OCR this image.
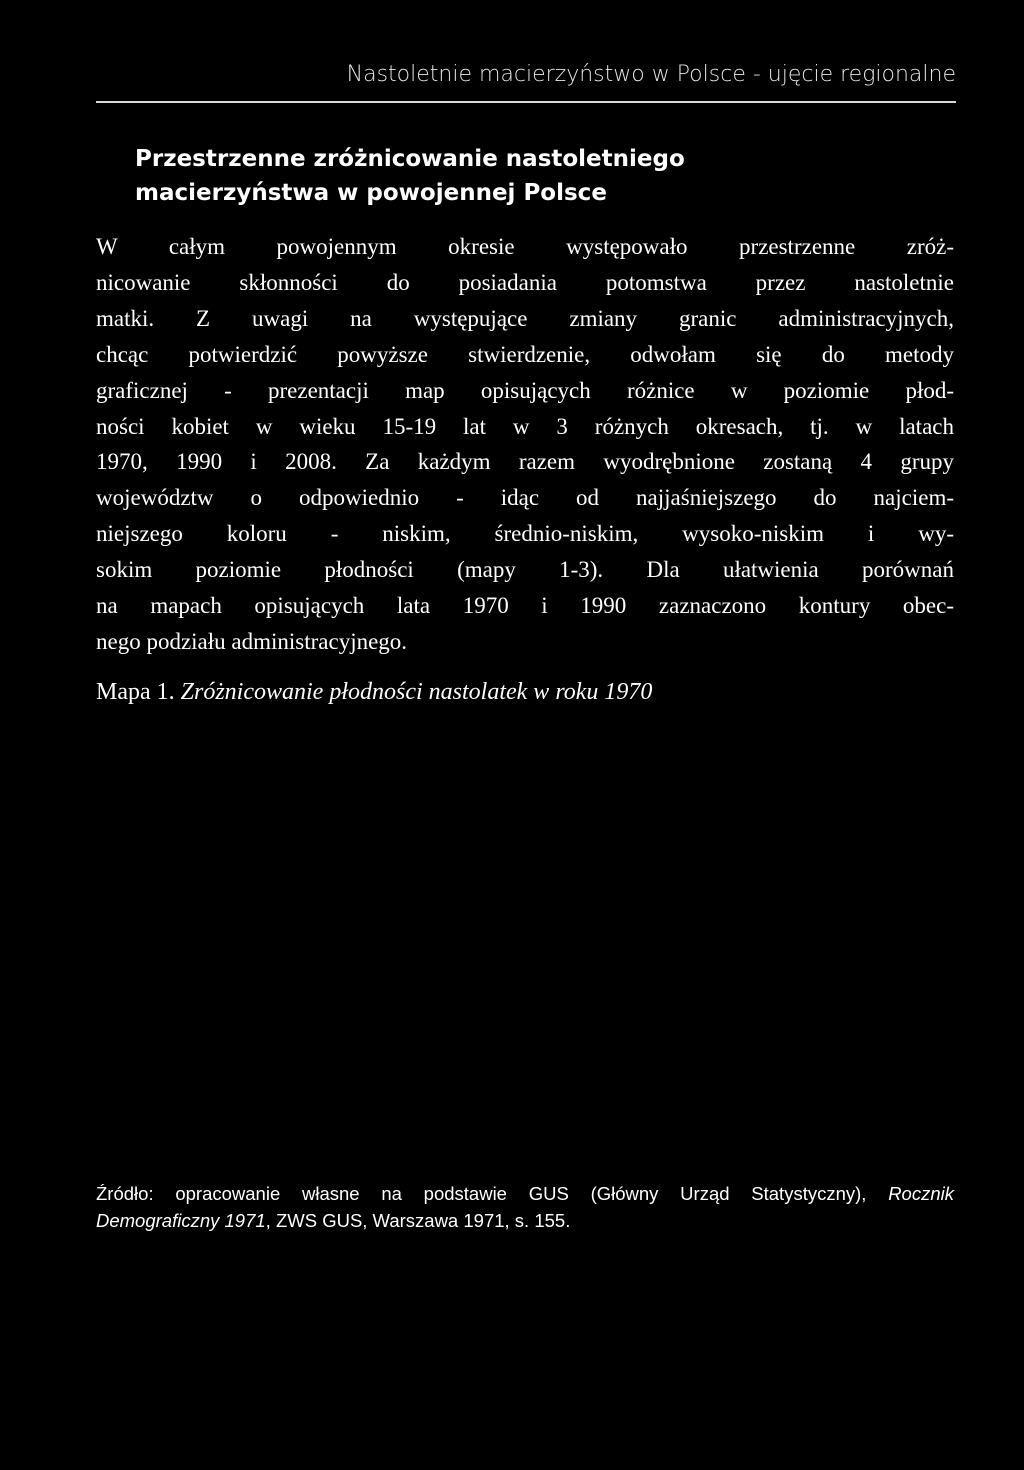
Nastoletnie macierzyństwo w Polsce - ujęcie regionalne
Przestrzenne zróżnicowanie nastoletniego
macierzyństwa w powojennej Polsce
W całym powojennym okresie występowało przestrzenne zróż-
nicowanie skłonności do posiadania potomstwa przez nastoletnie
matki. Z uwagi na występujące zmiany granic administracyjnych,
chcąc potwierdzić powyższe stwierdzenie, odwołam się do metody
graficznej - prezentacji map opisujących różnice w poziomie płod-
ności kobiet w wieku 15-19 lat w 3 różnych okresach, tj. w latach
1970, 1990 i 2008. Za każdym razem wyodrębnione zostaną 4 grupy
województw o odpowiednio - idąc od najjaśniejszego do najciem-
niejszego koloru - niskim, średnio-niskim, wysoko-niskim i wy-
sokim poziomie płodności (mapy 1-3). Dla ułatwienia porównań
na mapach opisujących lata 1970 i 1990 zaznaczono kontury obec-
nego podziału administracyjnego.
Mapa 1. Zróżnicowanie płodności nastolatek w roku 1970
Źródło: opracowanie własne na podstawie GUS (Główny Urząd Statystyczny), Rocznik
Demograficzny 1971, ZWS GUS, Warszawa 1971, s. 155.
